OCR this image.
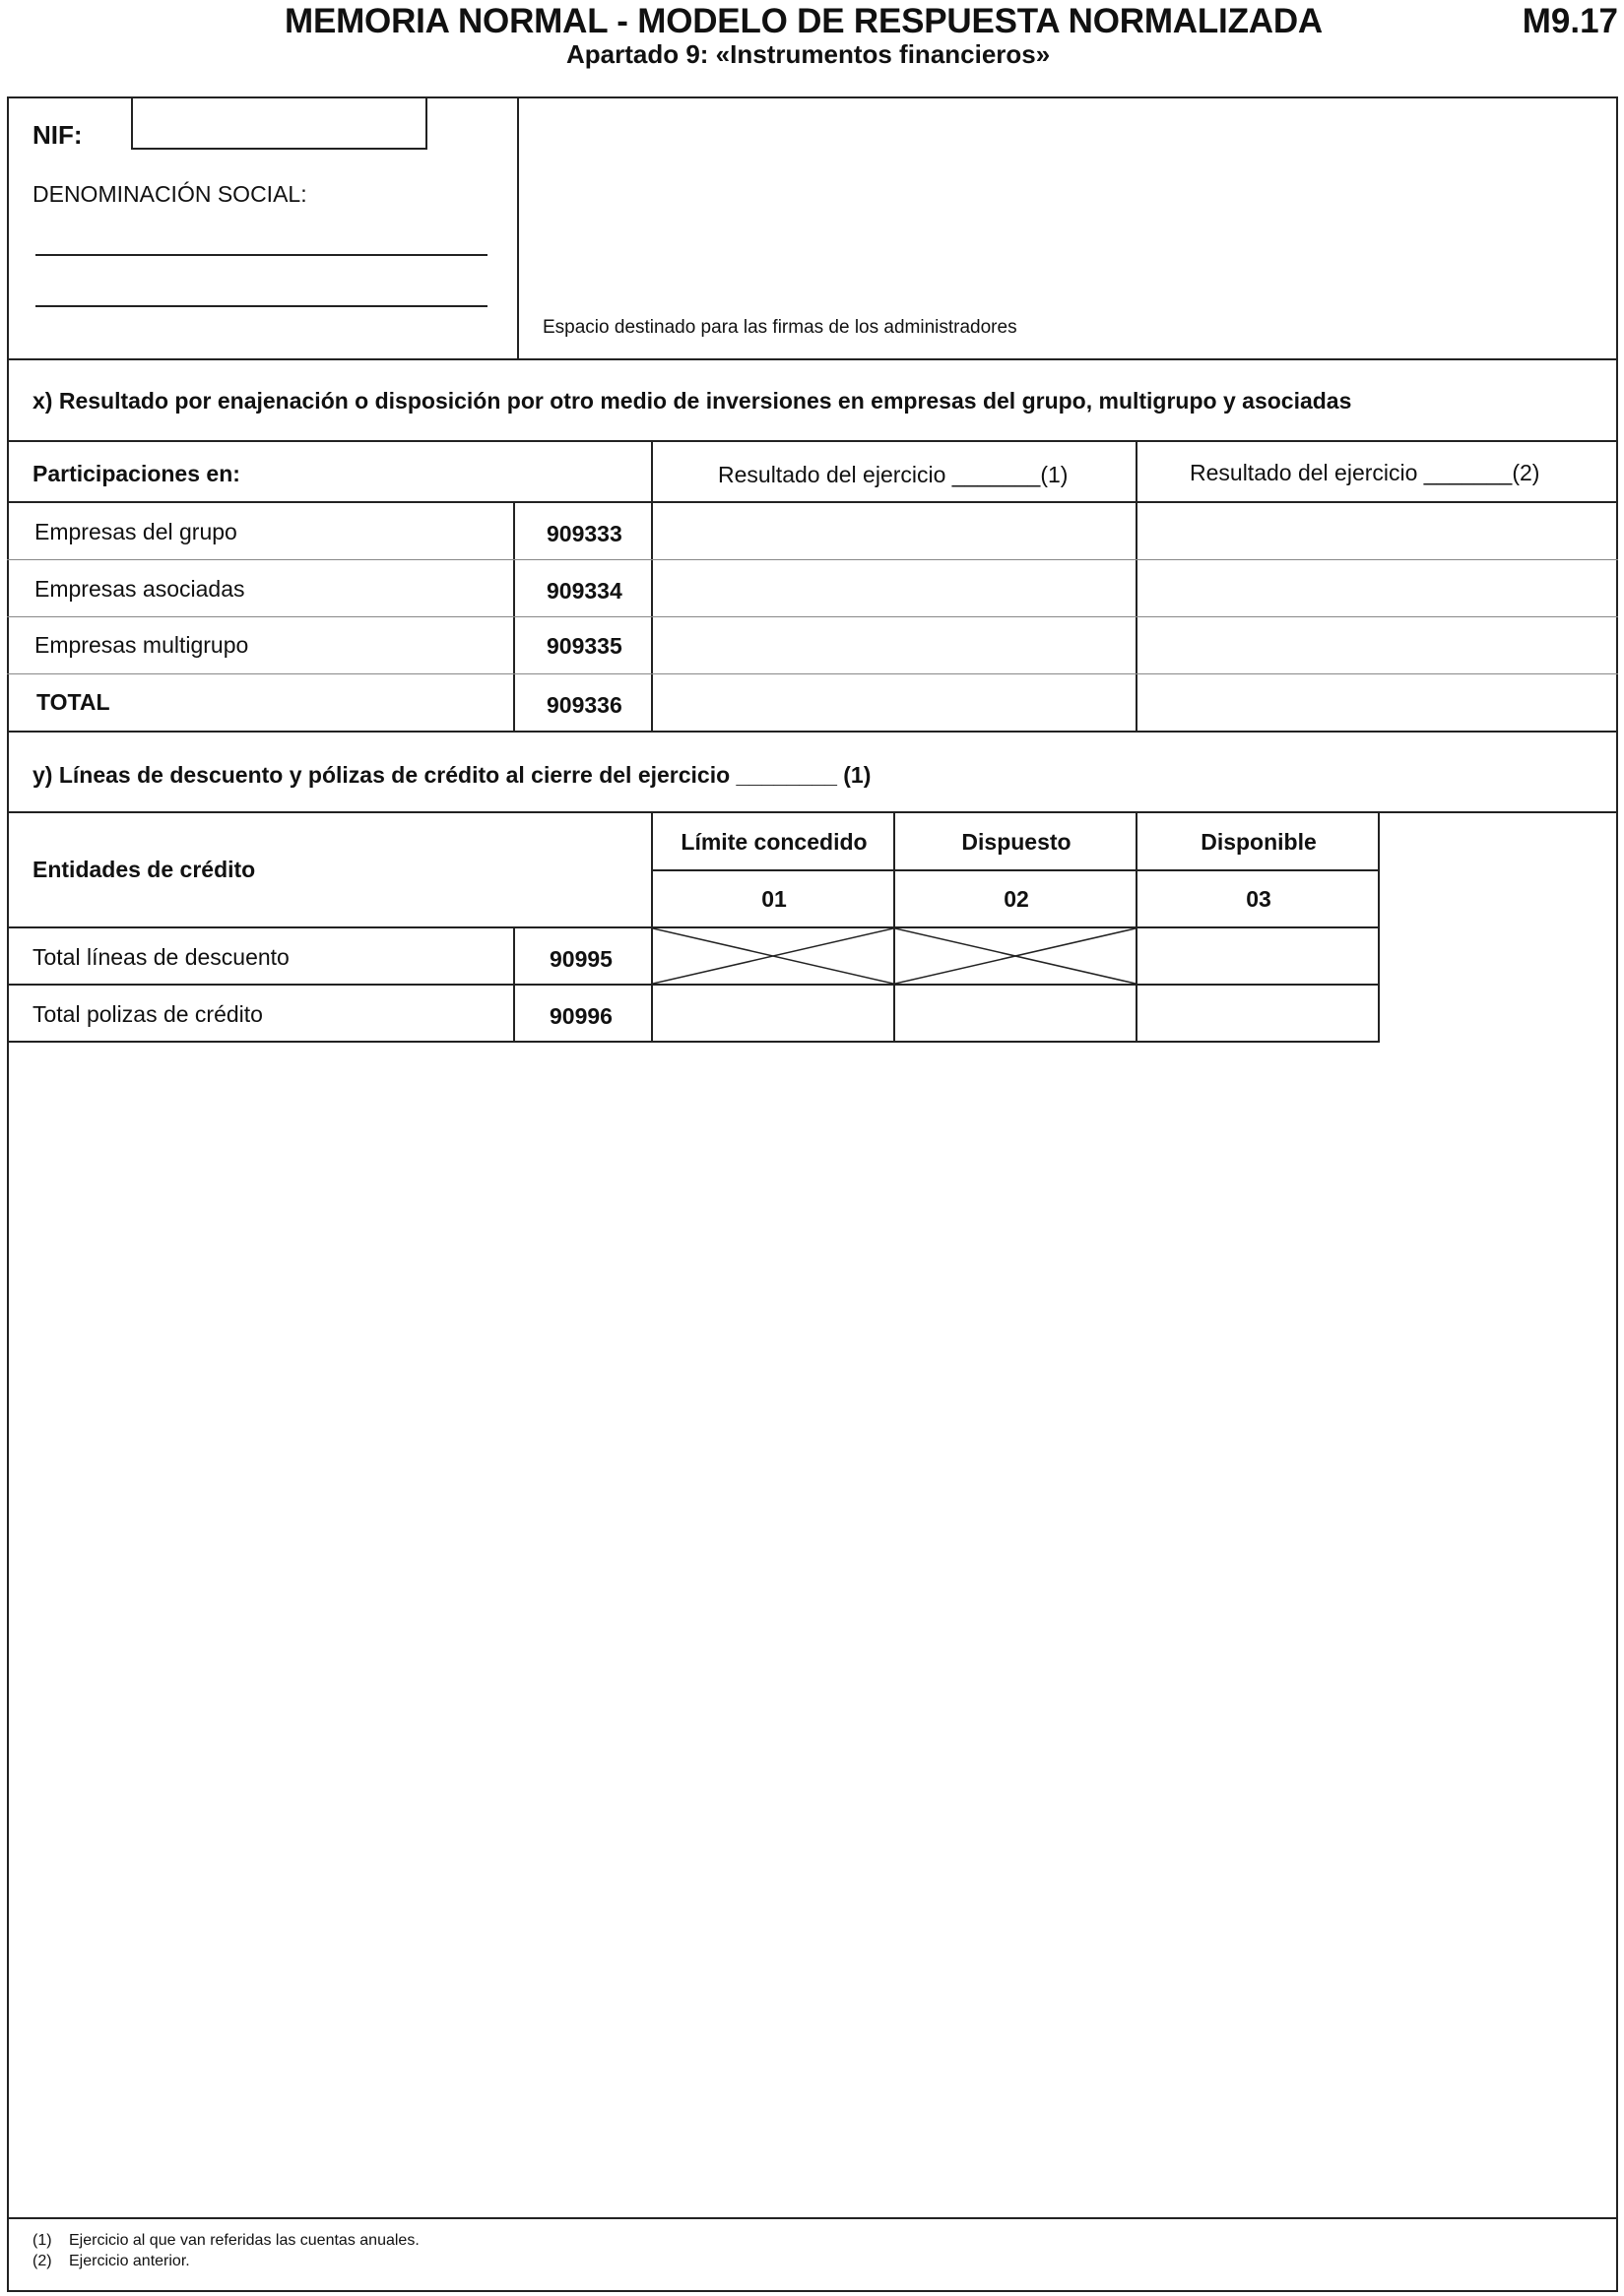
MEMORIA NORMAL - MODELO DE RESPUESTA NORMALIZADA	M9.17
Apartado 9: «Instrumentos financieros»
NIF:
DENOMINACIÓN SOCIAL:
Espacio destinado para las firmas de los administradores
x) Resultado por enajenación o disposición por otro medio de inversiones en empresas del grupo, multigrupo y asociadas
Participaciones en:	Resultado del ejercicio _______(1)	Resultado del ejercicio _______(2)
Empresas del grupo	909333
Empresas asociadas	909334
Empresas multigrupo	909335
TOTAL	909336
y) Líneas de descuento y pólizas de crédito al cierre del ejercicio ________ (1)
Entidades de crédito
Límite concedido	Dispuesto	Disponible
01	02	03
Total líneas de descuento	90995
Total polizas de crédito	90996
(1) Ejercicio al que van referidas las cuentas anuales.
(2) Ejercicio anterior.
